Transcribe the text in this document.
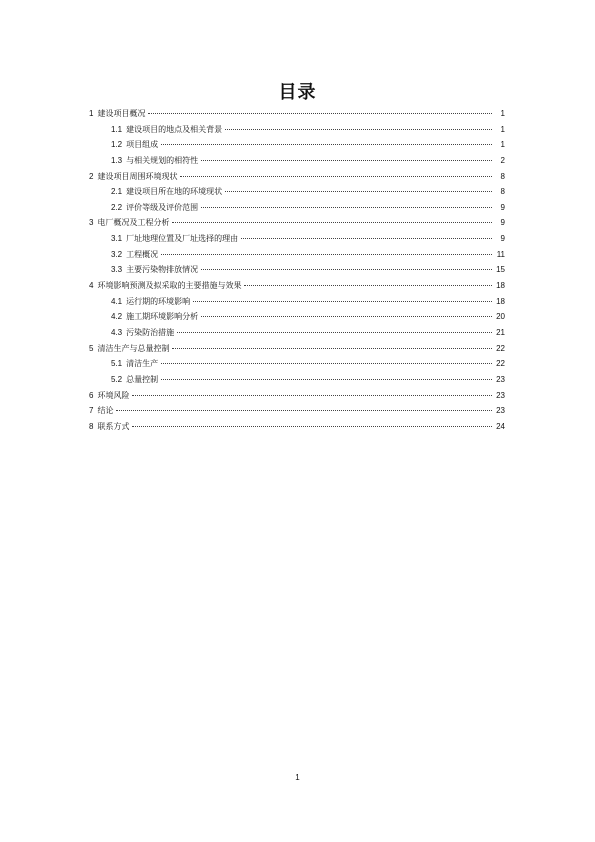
目录
1 建设项目概况	1
1.1 建设项目的地点及相关背景	1
1.2 项目组成	1
1.3 与相关规划的相符性	2
2 建设项目周围环境现状	8
2.1 建设项目所在地的环境现状	8
2.2 评价等级及评价范围	9
3 电厂概况及工程分析	9
3.1 厂址地理位置及厂址选择的理由	9
3.2 工程概况	11
3.3 主要污染物排放情况	15
4 环境影响预测及拟采取的主要措施与效果	18
4.1 运行期的环境影响	18
4.2 施工期环境影响分析	20
4.3 污染防治措施	21
5 清洁生产与总量控制	22
5.1 清洁生产	22
5.2 总量控制	23
6 环境风险	23
7 结论	23
8 联系方式	24
1
